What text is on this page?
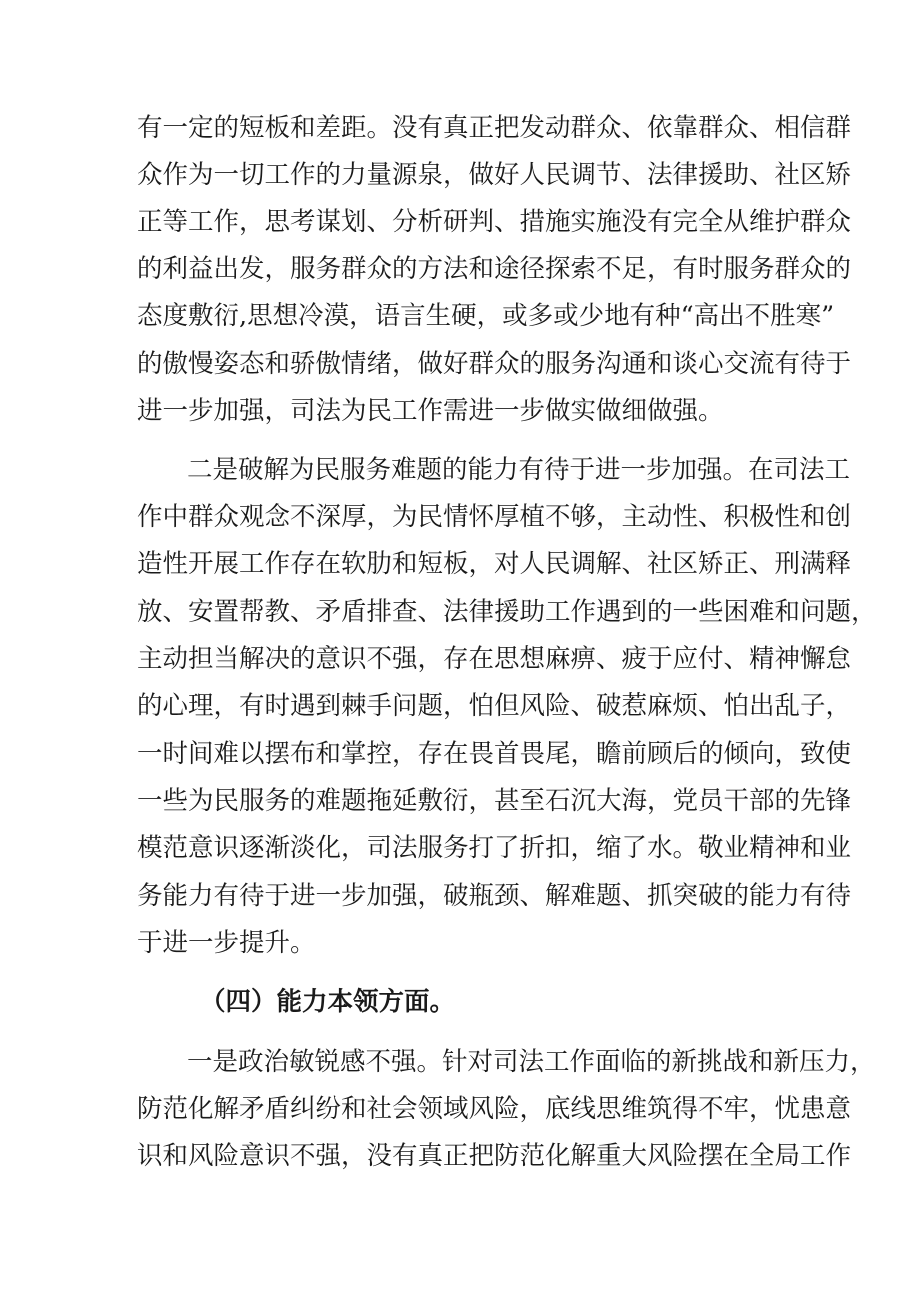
有一定的短板和差距。没有真正把发动群众、依靠群众、相信群
众作为一切工作的力量源泉，做好人民调节、法律援助、社区矫
正等工作，思考谋划、分析研判、措施实施没有完全从维护群众
的利益出发，服务群众的方法和途径探索不足，有时服务群众的
态度敷衍,思想冷漠，语言生硬，或多或少地有种“高出不胜寒”
的傲慢姿态和骄傲情绪，做好群众的服务沟通和谈心交流有待于
进一步加强，司法为民工作需进一步做实做细做强。
二是破解为民服务难题的能力有待于进一步加强。在司法工
作中群众观念不深厚，为民情怀厚植不够，主动性、积极性和创
造性开展工作存在软肋和短板，对人民调解、社区矫正、刑满释
放、安置帮教、矛盾排查、法律援助工作遇到的一些困难和问题，
主动担当解决的意识不强，存在思想麻痹、疲于应付、精神懈怠
的心理，有时遇到棘手问题，怕但风险、破惹麻烦、怕出乱子，
一时间难以摆布和掌控，存在畏首畏尾，瞻前顾后的倾向，致使
一些为民服务的难题拖延敷衍，甚至石沉大海，党员干部的先锋
模范意识逐渐淡化，司法服务打了折扣，缩了水。敬业精神和业
务能力有待于进一步加强，破瓶颈、解难题、抓突破的能力有待
于进一步提升。
（四）能力本领方面。
一是政治敏锐感不强。针对司法工作面临的新挑战和新压力，
防范化解矛盾纠纷和社会领域风险，底线思维筑得不牢，忧患意
识和风险意识不强，没有真正把防范化解重大风险摆在全局工作
